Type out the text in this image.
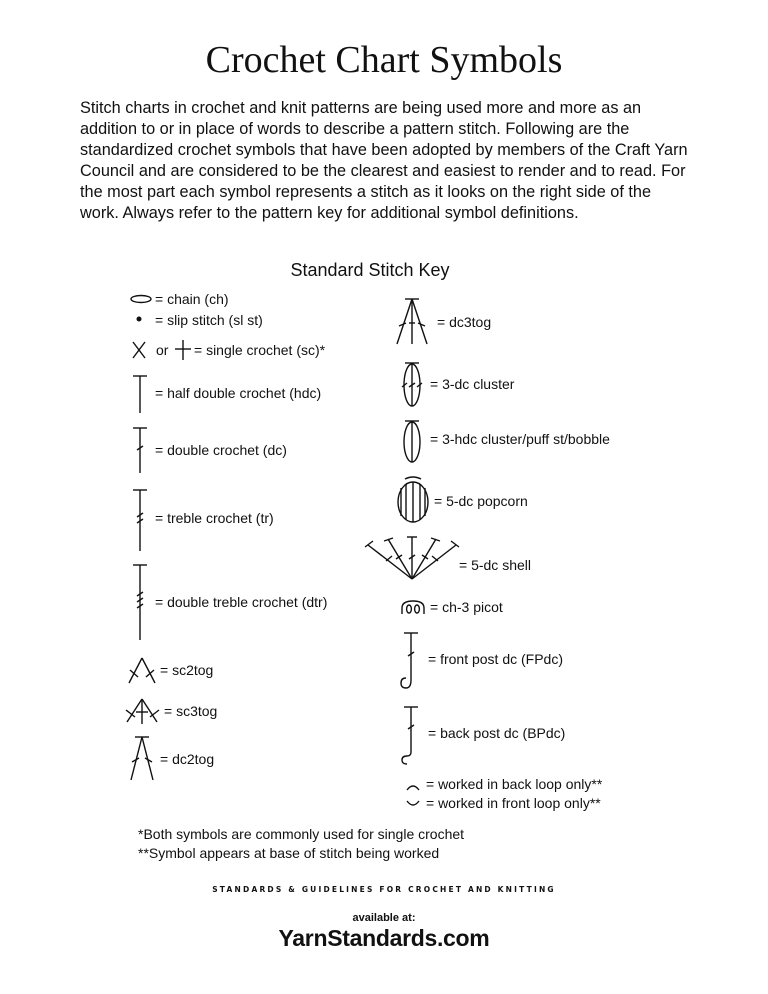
Crochet Chart Symbols
Stitch charts in crochet and knit patterns are being used more and more as an addition to or in place of words to describe a pattern stitch. Following are the standardized crochet symbols that have been adopted by members of the Craft Yarn Council and are considered to be the clearest and easiest to render and to read. For the most part each symbol represents a stitch as it looks on the right side of the work. Always refer to the pattern key for additional symbol definitions.
Standard Stitch Key
= chain (ch)
= slip stitch (sl st)
or = single crochet (sc)*
= half double crochet (hdc)
= double crochet (dc)
= treble crochet (tr)
= double treble crochet (dtr)
= sc2tog
= sc3tog
= dc2tog
= dc3tog
= 3-dc cluster
= 3-hdc cluster/puff st/bobble
= 5-dc popcorn
= 5-dc shell
= ch-3 picot
= front post dc (FPdc)
= back post dc (BPdc)
= worked in back loop only**
= worked in front loop only**
*Both symbols are commonly used for single crochet
**Symbol appears at base of stitch being worked
STANDARDS & GUIDELINES FOR CROCHET AND KNITTING
available at:
YarnStandards.com
